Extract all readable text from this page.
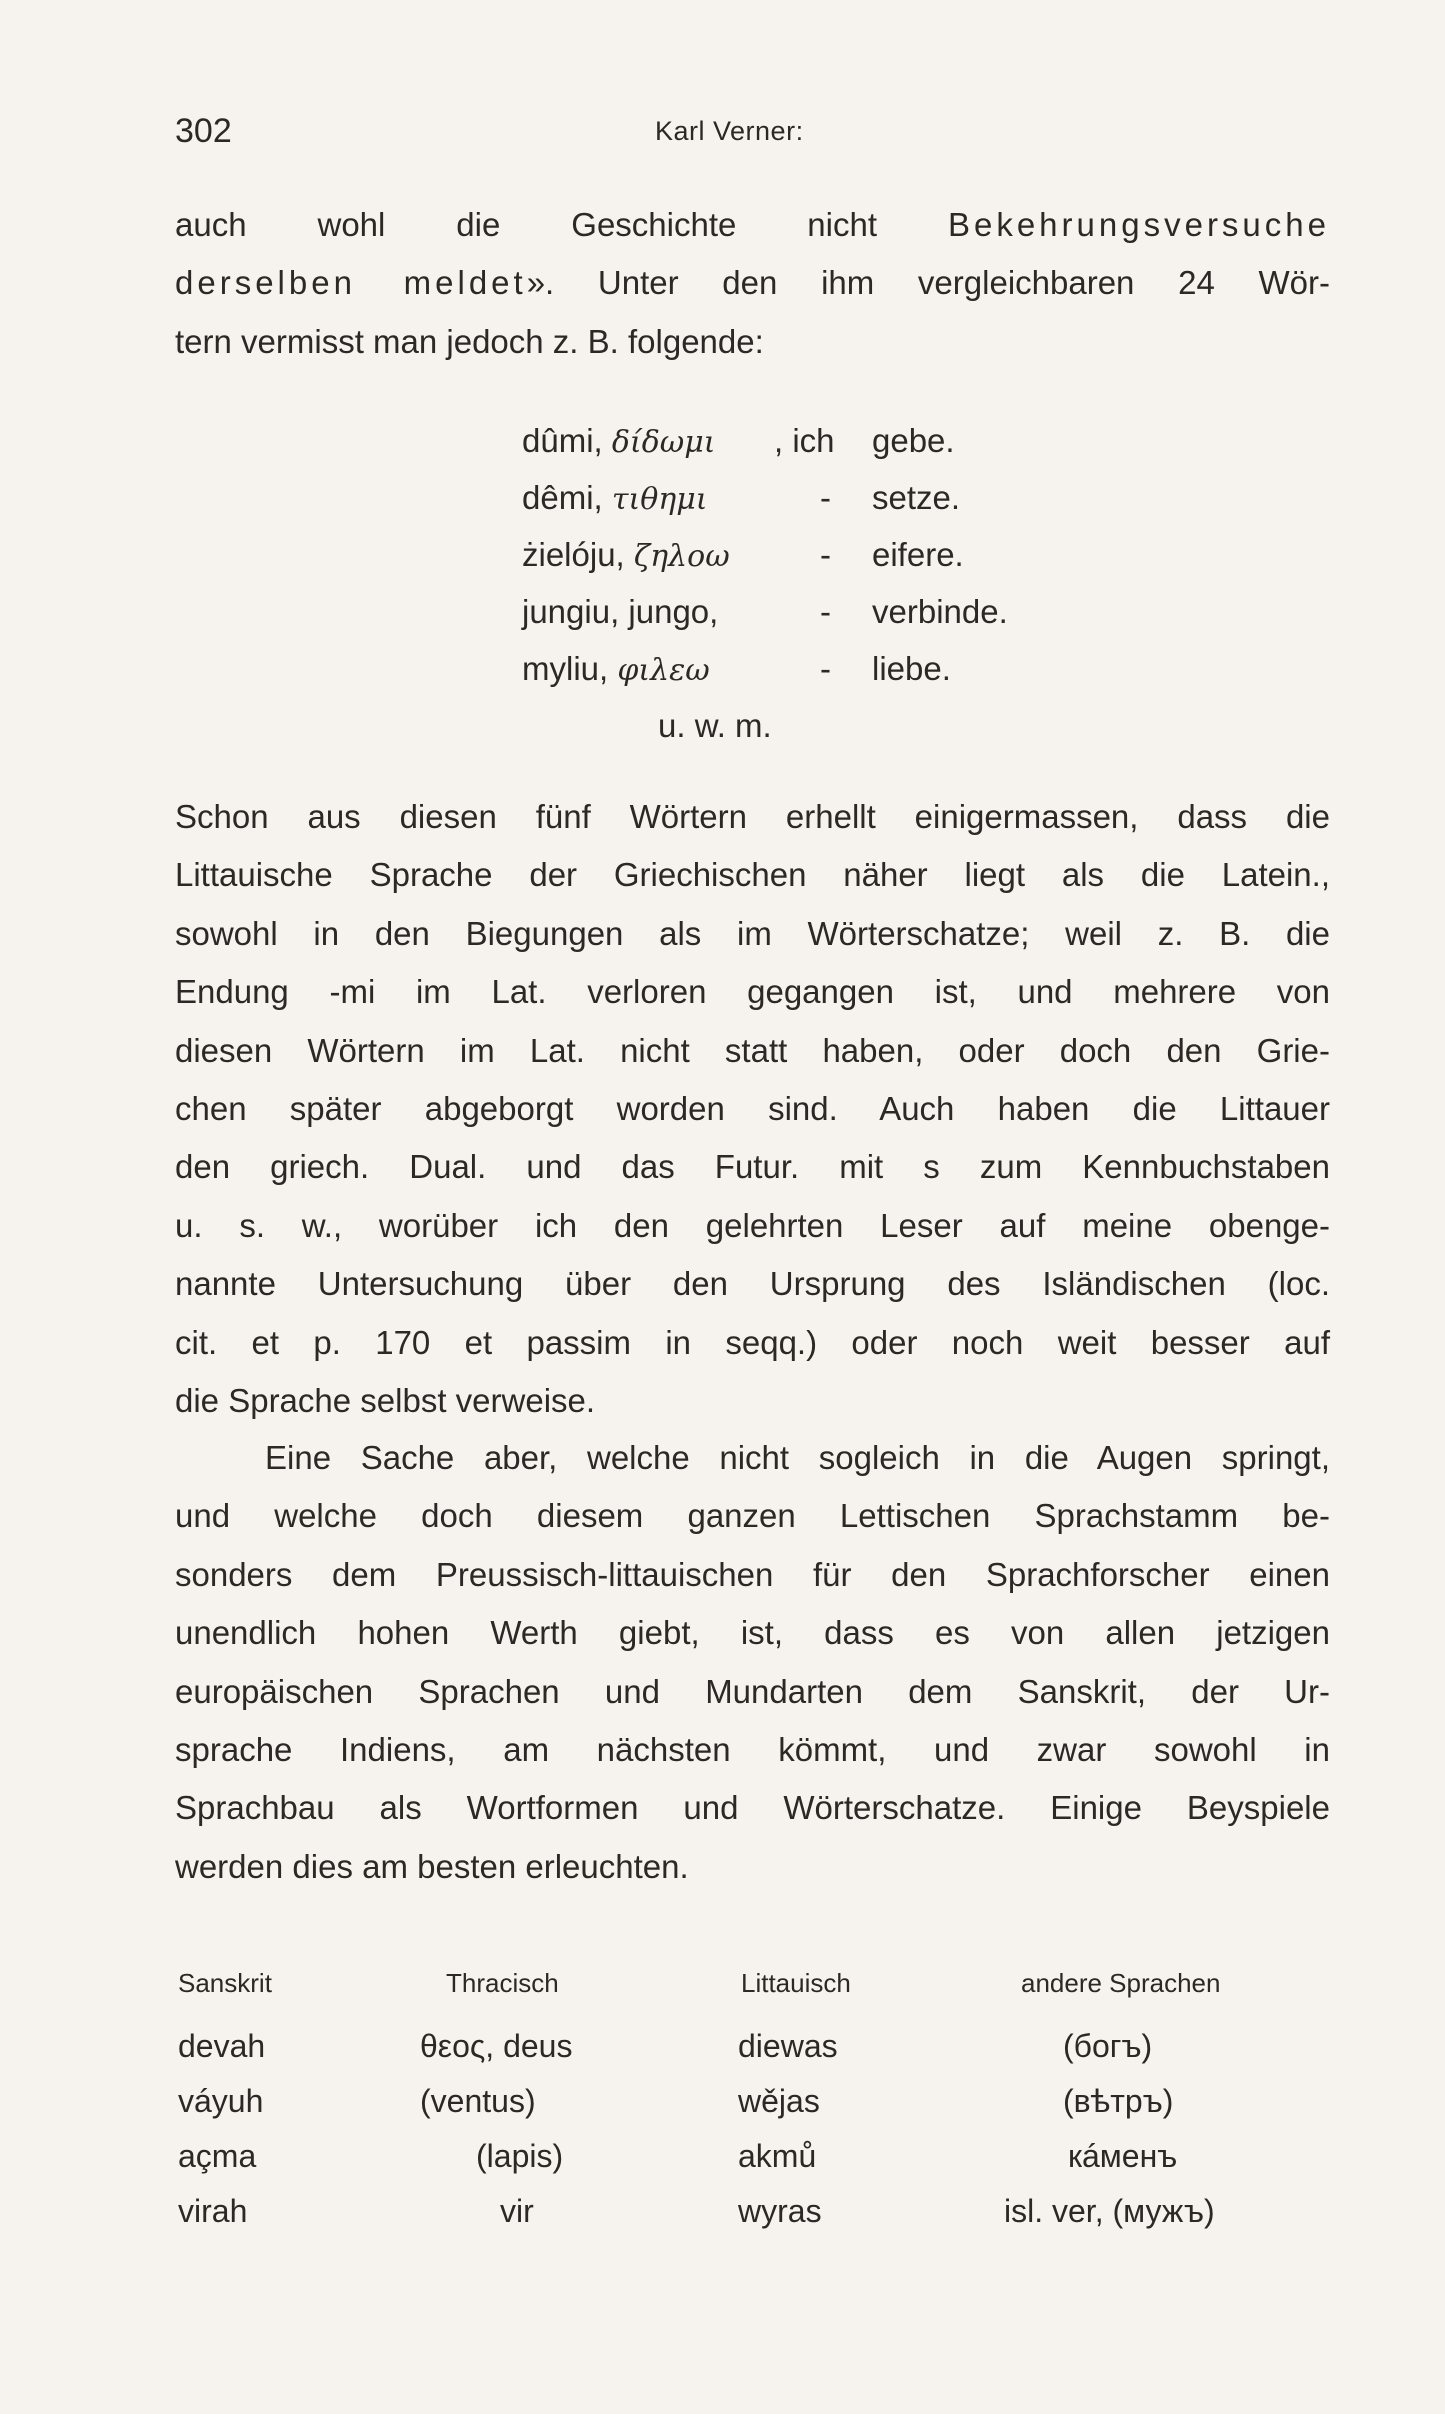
302	Karl Verner:

auch wohl die Geschichte nicht Bekehrungsversuche

derselben meldet». Unter den ihm vergleichbaren 24 Wör-

tern vermisst man jedoch z. B. folgende:

dûmi, δίδωμι , ich gebe.
dêmi, τιθημι	- setze.
żielóju, ζηλοω	- eifere.
jungiu, jungo,	- verbinde.
myliu, φιλεω	- liebe.
u. w. m.

Schon aus diesen fünf Wörtern erhellt einigermassen, dass die

Littauische Sprache der Griechischen näher liegt als die Latein.,

sowohl in den Biegungen als im Wörterschatze; weil z. B. die

Endung -mi im Lat. verloren gegangen ist, und mehrere von

diesen Wörtern im Lat. nicht statt haben, oder doch den Grie-

chen später abgeborgt worden sind. Auch haben die Littauer

den griech. Dual. und das Futur. mit s zum Kennbuchstaben

u. s. w., worüber ich den gelehrten Leser auf meine obenge-

nannte Untersuchung über den Ursprung des Isländischen (loc.

cit. et p. 170 et passim in seqq.) oder noch weit besser auf

die Sprache selbst verweise.

Eine Sache aber, welche nicht sogleich in die Augen springt,

und welche doch diesem ganzen Lettischen Sprachstamm be-

sonders dem Preussisch-littauischen für den Sprachforscher einen

unendlich hohen Werth giebt, ist, dass es von allen jetzigen

europäischen Sprachen und Mundarten dem Sanskrit, der Ur-

sprache Indiens, am nächsten kömmt, und zwar sowohl in

Sprachbau als Wortformen und Wörterschatze. Einige Beyspiele

werden dies am besten erleuchten.

Sanskrit	Thracisch	Littauisch	andere Sprachen
devah	θεος, deus	diewas	(богъ)
váyuh	(ventus)	wějas	(вѣтръ)
açma	(lapis)	akmů	кáменъ
virah	vir	wyras	isl. ver, (мужъ)
